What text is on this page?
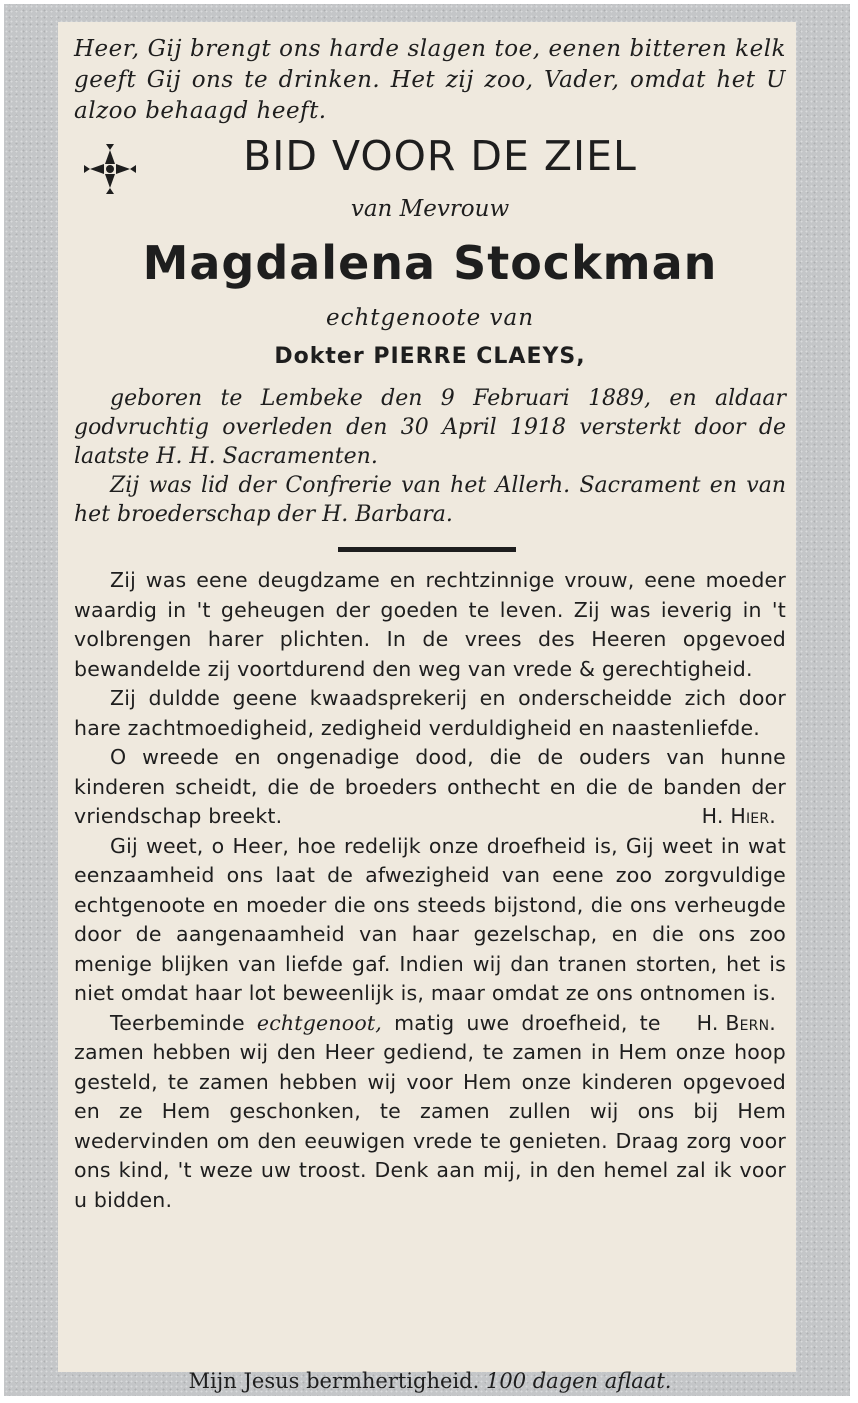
Heer, Gij brengt ons harde slagen toe, eenen bitteren kelk geeft Gij ons te drinken. Het zij zoo, Vader, omdat het U alzoo behaagd heeft.

BID VOOR DE ZIEL
van Mevrouw
Magdalena Stockman
echtgenoote van
Dokter PIERRE CLAEYS,

geboren te Lembeke den 9 Februari 1889, en aldaar godvruchtig overleden den 30 April 1918 versterkt door de laatste H. H. Sacramenten.

Zij was lid der Confrerie van het Allerh. Sacrament en van het broederschap der H. Barbara.

Zij was eene deugdzame en rechtzinnige vrouw, eene moeder waardig in 't geheugen der goeden te leven. Zij was ieverig in 't volbrengen harer plichten. In de vrees des Heeren opgevoed bewandelde zij voortdurend den weg van vrede & gerechtigheid.

Zij duldde geene kwaadsprekerij en onderscheidde zich door hare zachtmoedigheid, zedigheid verduldigheid en naastenliefde.

O wreede en ongenadige dood, die de ouders van hunne kinderen scheidt, die de broeders onthecht en die de banden der vriendschap breekt.	H. Hier.

Gij weet, o Heer, hoe redelijk onze droefheid is, Gij weet in wat eenzaamheid ons laat de afwezigheid van eene zoo zorgvuldige echtgenoote en moeder die ons steeds bijstond, die ons verheugde door de aangenaamheid van haar gezelschap, en die ons zoo menige blijken van liefde gaf. Indien wij dan tranen storten, het is niet omdat haar lot beweenlijk is, maar omdat ze ons ontnomen is.
H. Bern.

Teerbeminde echtgenoot, matig uwe droefheid, te zamen hebben wij den Heer gediend, te zamen in Hem onze hoop gesteld, te zamen hebben wij voor Hem onze kinderen opgevoed en ze Hem geschonken, te zamen zullen wij ons bij Hem wedervinden om den eeuwigen vrede te genieten. Draag zorg voor ons kind, 't weze uw troost. Denk aan mij, in den hemel zal ik voor u bidden.

Mijn Jesus bermhertigheid. 100 dagen aflaat.
